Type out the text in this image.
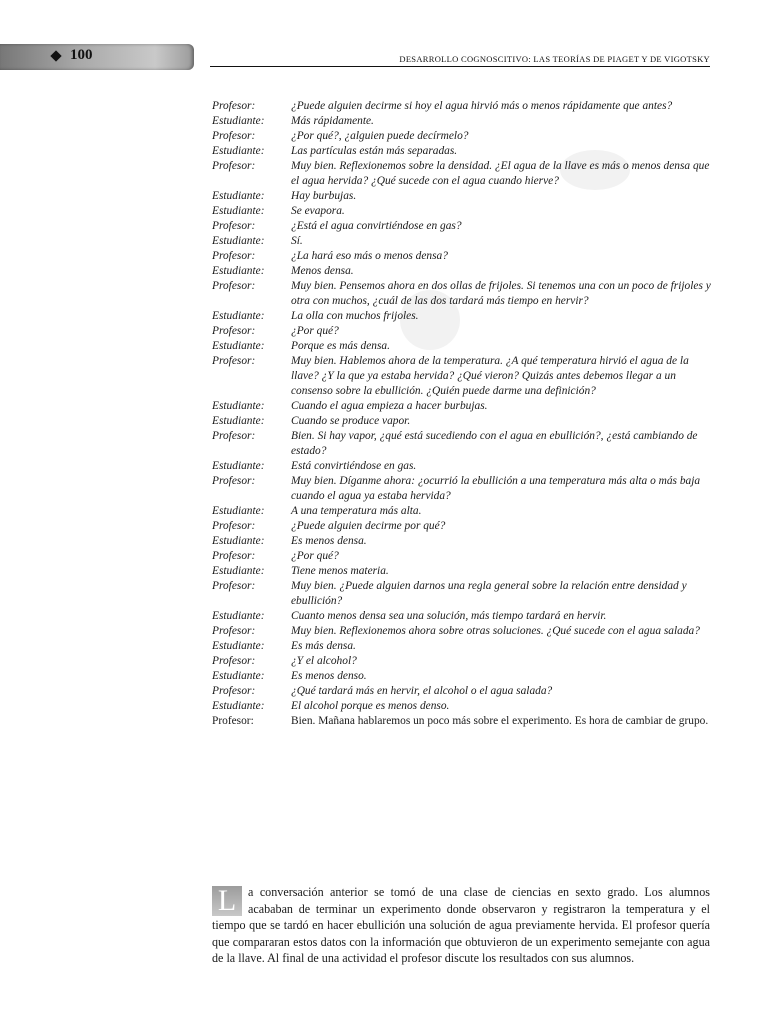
100	DESARROLLO COGNOSCITIVO: LAS TEORÍAS DE PIAGET Y DE VIGOTSKY
Profesor:	¿Puede alguien decirme si hoy el agua hirvió más o menos rápidamente que antes?
Estudiante:	Más rápidamente.
Profesor:	¿Por qué?, ¿alguien puede decírmelo?
Estudiante:	Las partículas están más separadas.
Profesor:	Muy bien. Reflexionemos sobre la densidad. ¿El agua de la llave es más o menos densa que el agua hervida? ¿Qué sucede con el agua cuando hierve?
Estudiante:	Hay burbujas.
Estudiante:	Se evapora.
Profesor:	¿Está el agua convirtiéndose en gas?
Estudiante:	Sí.
Profesor:	¿La hará eso más o menos densa?
Estudiante:	Menos densa.
Profesor:	Muy bien. Pensemos ahora en dos ollas de frijoles. Si tenemos una con un poco de frijoles y otra con muchos, ¿cuál de las dos tardará más tiempo en hervir?
Estudiante:	La olla con muchos frijoles.
Profesor:	¿Por qué?
Estudiante:	Porque es más densa.
Profesor:	Muy bien. Hablemos ahora de la temperatura. ¿A qué temperatura hirvió el agua de la llave? ¿Y la que ya estaba hervida? ¿Qué vieron? Quizás antes debemos llegar a un consenso sobre la ebullición. ¿Quién puede darme una definición?
Estudiante:	Cuando el agua empieza a hacer burbujas.
Estudiante:	Cuando se produce vapor.
Profesor:	Bien. Si hay vapor, ¿qué está sucediendo con el agua en ebullición?, ¿está cambiando de estado?
Estudiante:	Está convirtiéndose en gas.
Profesor:	Muy bien. Díganme ahora: ¿ocurrió la ebullición a una temperatura más alta o más baja cuando el agua ya estaba hervida?
Estudiante:	A una temperatura más alta.
Profesor:	¿Puede alguien decirme por qué?
Estudiante:	Es menos densa.
Profesor:	¿Por qué?
Estudiante:	Tiene menos materia.
Profesor:	Muy bien. ¿Puede alguien darnos una regla general sobre la relación entre densidad y ebullición?
Estudiante:	Cuanto menos densa sea una solución, más tiempo tardará en hervir.
Profesor:	Muy bien. Reflexionemos ahora sobre otras soluciones. ¿Qué sucede con el agua salada?
Estudiante:	Es más densa.
Profesor:	¿Y el alcohol?
Estudiante:	Es menos denso.
Profesor:	¿Qué tardará más en hervir, el alcohol o el agua salada?
Estudiante:	El alcohol porque es menos denso.
Profesor:	Bien. Mañana hablaremos un poco más sobre el experimento. Es hora de cambiar de grupo.
L a conversación anterior se tomó de una clase de ciencias en sexto grado. Los alumnos acababan de terminar un experimento donde observaron y registraron la temperatura y el tiempo que se tardó en hacer ebullición una solución de agua previamente hervida. El profesor quería que compararan estos datos con la información que obtuvieron de un experimento semejante con agua de la llave. Al final de una actividad el profesor discute los resultados con sus alumnos.
